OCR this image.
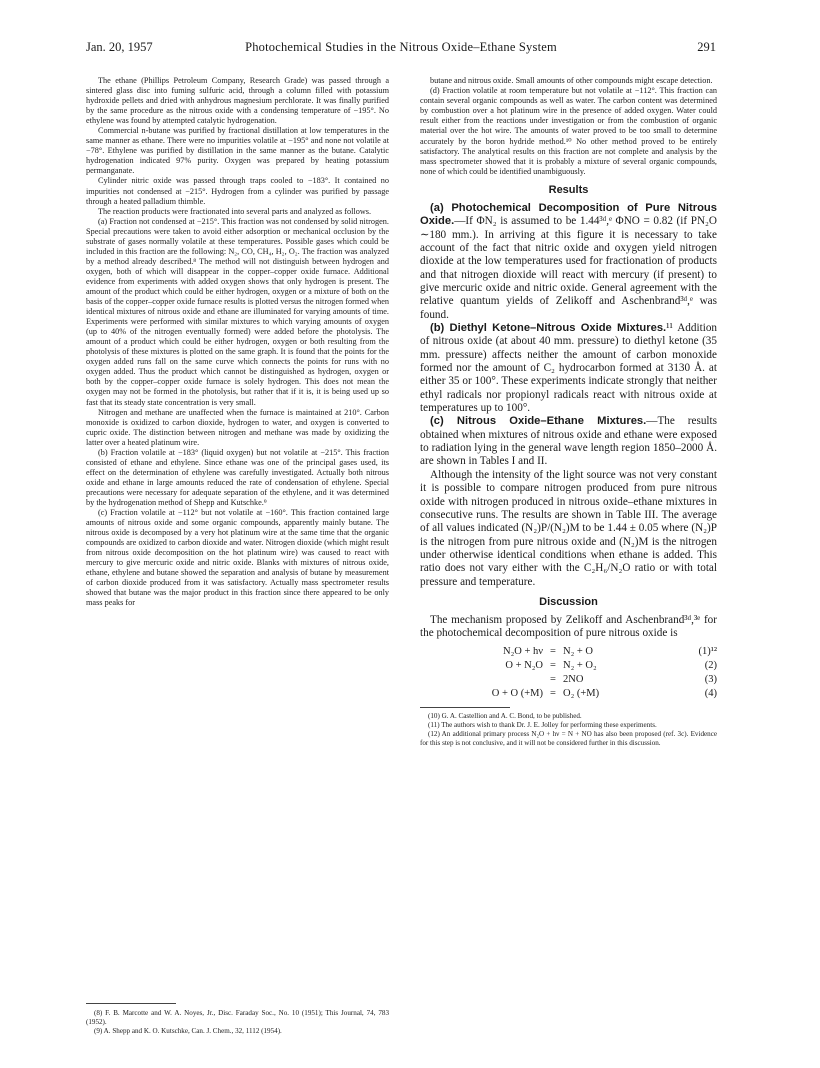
Jan. 20, 1957	Photochemical Studies in the Nitrous Oxide–Ethane System	291

The ethane (Phillips Petroleum Company, Research Grade) was passed through a sintered glass disc into fuming sulfuric acid, through a column filled with potassium hydroxide pellets and dried with anhydrous magnesium perchlorate. It was finally purified by the same procedure as the nitrous oxide with a condensing temperature of −195°. No ethylene was found by attempted catalytic hydrogenation.

Commercial n-butane was purified by fractional distillation at low temperatures in the same manner as ethane. There were no impurities volatile at −195° and none not volatile at −78°. Ethylene was purified by distillation in the same manner as the butane. Catalytic hydrogenation indicated 97% purity. Oxygen was prepared by heating potassium permanganate.

Cylinder nitric oxide was passed through traps cooled to −183°. It contained no impurities not condensed at −215°. Hydrogen from a cylinder was purified by passage through a heated palladium thimble.

The reaction products were fractionated into several parts and analyzed as follows.

(a) Fraction not condensed at −215°. This fraction was not condensed by solid nitrogen. Special precautions were taken to avoid either adsorption or mechanical occlusion by the substrate of gases normally volatile at these temperatures. Possible gases which could be included in this fraction are the following: N₂, CO, CH₄, H₂, O₂. The fraction was analyzed by a method already described.⁸ The method will not distinguish between hydrogen and oxygen, both of which will disappear in the copper–copper oxide furnace. Additional evidence from experiments with added oxygen shows that only hydrogen is present. The amount of the product which could be either hydrogen, oxygen or a mixture of both on the basis of the copper–copper oxide furnace results is plotted versus the nitrogen formed when identical mixtures of nitrous oxide and ethane are illuminated for varying amounts of time. Experiments were performed with similar mixtures to which varying amounts of oxygen (up to 40% of the nitrogen eventually formed) were added before the photolysis. The amount of a product which could be either hydrogen, oxygen or both resulting from the photolysis of these mixtures is plotted on the same graph. It is found that the points for the oxygen added runs fall on the same curve which connects the points for runs with no oxygen added. Thus the product which cannot be distinguished as hydrogen, oxygen or both by the copper–copper oxide furnace is solely hydrogen. This does not mean the oxygen may not be formed in the photolysis, but rather that if it is, it is being used up so fast that its steady state concentration is very small.

Nitrogen and methane are unaffected when the furnace is maintained at 210°. Carbon monoxide is oxidized to carbon dioxide, hydrogen to water, and oxygen is converted to cupric oxide. The distinction between nitrogen and methane was made by oxidizing the latter over a heated platinum wire.

(b) Fraction volatile at −183° (liquid oxygen) but not volatile at −215°. This fraction consisted of ethane and ethylene. Since ethane was one of the principal gases used, its effect on the determination of ethylene was carefully investigated. Actually both nitrous oxide and ethane in large amounts reduced the rate of condensation of ethylene. Special precautions were necessary for adequate separation of the ethylene, and it was determined by the hydrogenation method of Shepp and Kutschke.⁹

(c) Fraction volatile at −112° but not volatile at −160°. This fraction contained large amounts of nitrous oxide and some organic compounds, apparently mainly butane. The nitrous oxide is decomposed by a very hot platinum wire at the same time that the organic compounds are oxidized to carbon dioxide and water. Nitrogen dioxide (which might result from nitrous oxide decomposition on the hot platinum wire) was caused to react with mercury to give mercuric oxide and nitric oxide. Blanks with mixtures of nitrous oxide, ethane, ethylene and butane showed the separation and analysis of butane by measurement of carbon dioxide produced from it was satisfactory. Actually mass spectrometer results showed that butane was the major product in this fraction since there appeared to be only mass peaks for

(8) F. B. Marcotte and W. A. Noyes, Jr., Disc. Faraday Soc., No. 10 (1951); This Journal, 74, 783 (1952).

(9) A. Shepp and K. O. Kutschke, Can. J. Chem., 32, 1112 (1954).

butane and nitrous oxide. Small amounts of other compounds might escape detection.

(d) Fraction volatile at room temperature but not volatile at −112°. This fraction can contain several organic compounds as well as water. The carbon content was determined by combustion over a hot platinum wire in the presence of added oxygen. Water could result either from the reactions under investigation or from the combustion of organic material over the hot wire. The amounts of water proved to be too small to determine accurately by the boron hydride method.¹⁰ No other method proved to be entirely satisfactory. The analytical results on this fraction are not complete and analysis by the mass spectrometer showed that it is probably a mixture of several organic compounds, none of which could be identified unambiguously.

Results

(a) Photochemical Decomposition of Pure Nitrous Oxide.—If ΦN₂ is assumed to be 1.44³ᵈ,ᵉ ΦNO = 0.82 (if PN₂O ∼180 mm.). In arriving at this figure it is necessary to take account of the fact that nitric oxide and oxygen yield nitrogen dioxide at the low temperatures used for fractionation of products and that nitrogen dioxide will react with mercury (if present) to give mercuric oxide and nitric oxide. General agreement with the relative quantum yields of Zelikoff and Aschenbrand³ᵈ,ᵉ was found.

(b) Diethyl Ketone–Nitrous Oxide Mixtures.¹¹ Addition of nitrous oxide (at about 40 mm. pressure) to diethyl ketone (35 mm. pressure) affects neither the amount of carbon monoxide formed nor the amount of C₂ hydrocarbon formed at 3130 Å. at either 35 or 100°. These experiments indicate strongly that neither ethyl radicals nor propionyl radicals react with nitrous oxide at temperatures up to 100°.

(c) Nitrous Oxide–Ethane Mixtures.—The results obtained when mixtures of nitrous oxide and ethane were exposed to radiation lying in the general wave length region 1850–2000 Å. are shown in Tables I and II.

Although the intensity of the light source was not very constant it is possible to compare nitrogen produced from pure nitrous oxide with nitrogen produced in nitrous oxide–ethane mixtures in consecutive runs. The results are shown in Table III. The average of all values indicated (N₂)P/(N₂)M to be 1.44 ± 0.05 where (N₂)P is the nitrogen from pure nitrous oxide and (N₂)M is the nitrogen under otherwise identical conditions when ethane is added. This ratio does not vary either with the C₂H₆/N₂O ratio or with total pressure and temperature.

Discussion

The mechanism proposed by Zelikoff and Aschenbrand³ᵈ,³ᵉ for the photochemical decomposition of pure nitrous oxide is

N₂O + hν = N₂ + O	(1)¹²
O + N₂O = N₂ + O₂	(2)
= 2NO	(3)
O + O (+M) = O₂ (+M)	(4)

(10) G. A. Castellion and A. C. Bond, to be published.

(11) The authors wish to thank Dr. J. E. Jolley for performing these experiments.

(12) An additional primary process N₂O + hν = N + NO has also been proposed (ref. 3c). Evidence for this step is not conclusive, and it will not be considered further in this discussion.
